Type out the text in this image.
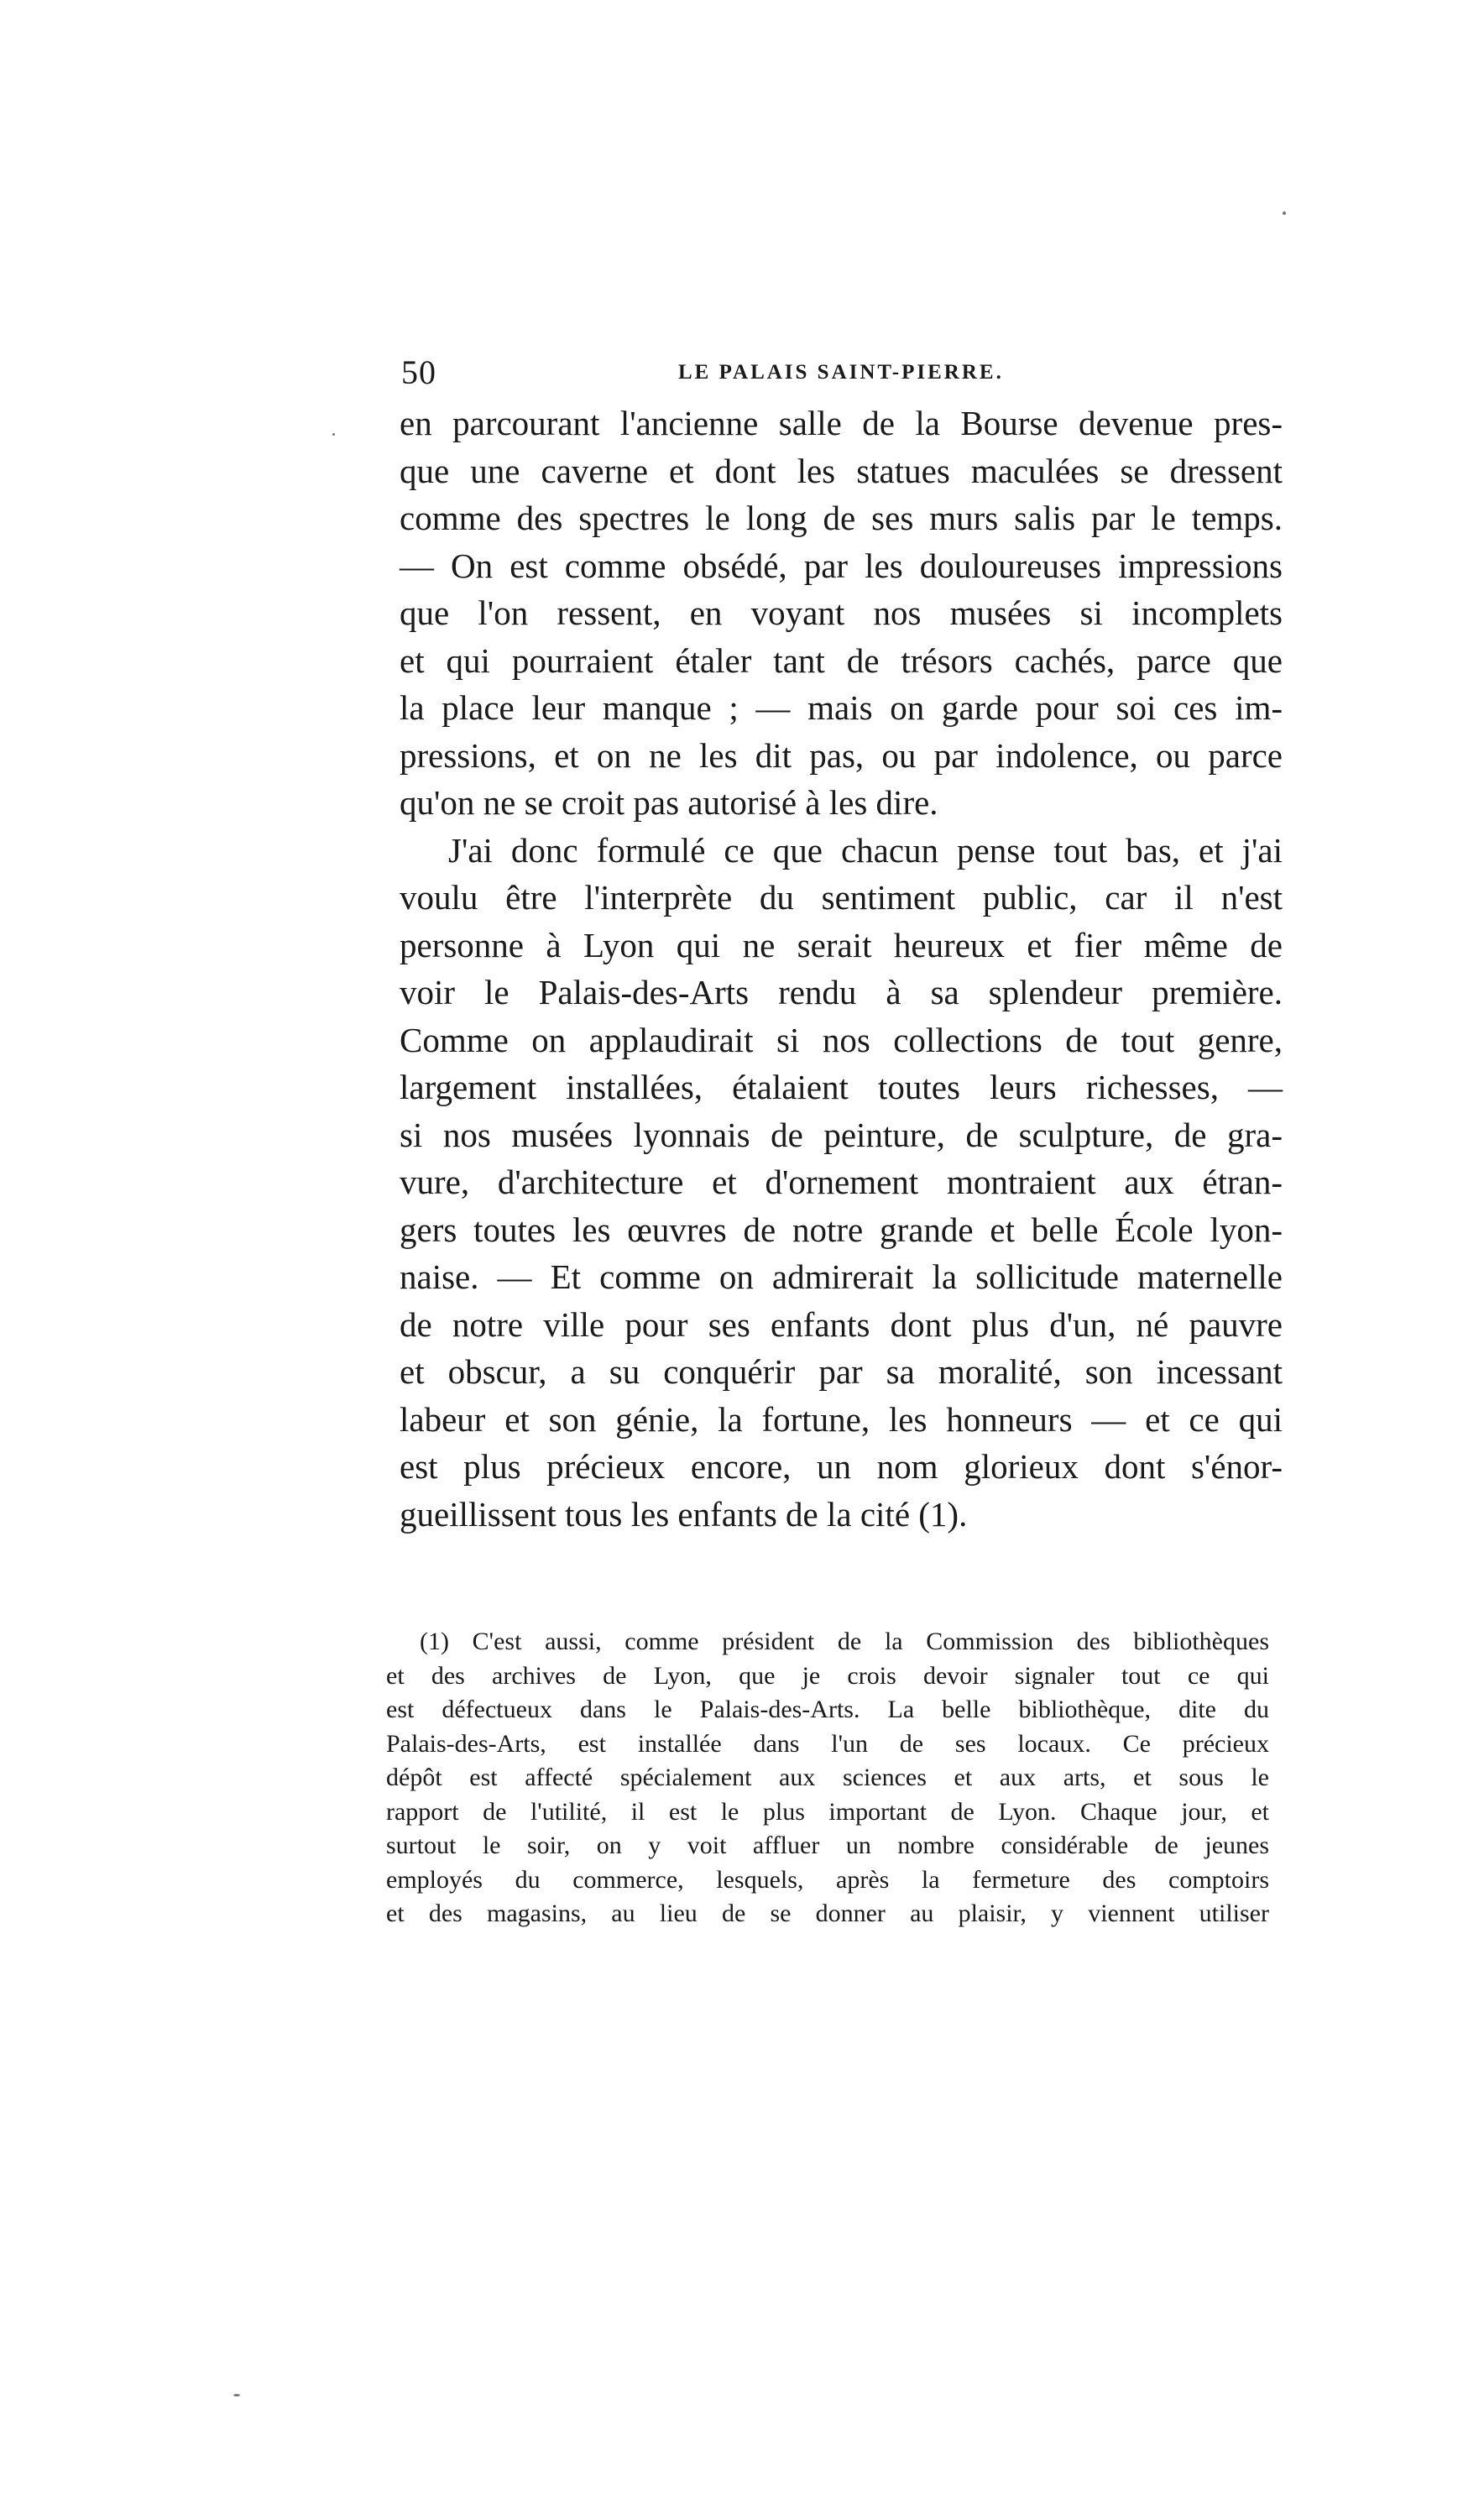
50	LE PALAIS SAINT-PIERRE.

en parcourant l'ancienne salle de la Bourse devenue pres-
que une caverne et dont les statues maculées se dressent
comme des spectres le long de ses murs salis par le temps.
— On est comme obsédé, par les douloureuses impressions
que l'on ressent, en voyant nos musées si incomplets
et qui pourraient étaler tant de trésors cachés, parce que
la place leur manque ; — mais on garde pour soi ces im-
pressions, et on ne les dit pas, ou par indolence, ou parce
qu'on ne se croit pas autorisé à les dire.

J'ai donc formulé ce que chacun pense tout bas, et j'ai
voulu être l'interprète du sentiment public, car il n'est
personne à Lyon qui ne serait heureux et fier même de
voir le Palais-des-Arts rendu à sa splendeur première.
Comme on applaudirait si nos collections de tout genre,
largement installées, étalaient toutes leurs richesses, —
si nos musées lyonnais de peinture, de sculpture, de gra-
vure, d'architecture et d'ornement montraient aux étran-
gers toutes les œuvres de notre grande et belle École lyon-
naise. — Et comme on admirerait la sollicitude maternelle
de notre ville pour ses enfants dont plus d'un, né pauvre
et obscur, a su conquérir par sa moralité, son incessant
labeur et son génie, la fortune, les honneurs — et ce qui
est plus précieux encore, un nom glorieux dont s'énor-
gueillissent tous les enfants de la cité (1).

(1) C'est aussi, comme président de la Commission des bibliothèques
et des archives de Lyon, que je crois devoir signaler tout ce qui
est défectueux dans le Palais-des-Arts. La belle bibliothèque, dite du
Palais-des-Arts, est installée dans l'un de ses locaux. Ce précieux
dépôt est affecté spécialement aux sciences et aux arts, et sous le
rapport de l'utilité, il est le plus important de Lyon. Chaque jour, et
surtout le soir, on y voit affluer un nombre considérable de jeunes
employés du commerce, lesquels, après la fermeture des comptoirs
et des magasins, au lieu de se donner au plaisir, y viennent utiliser
